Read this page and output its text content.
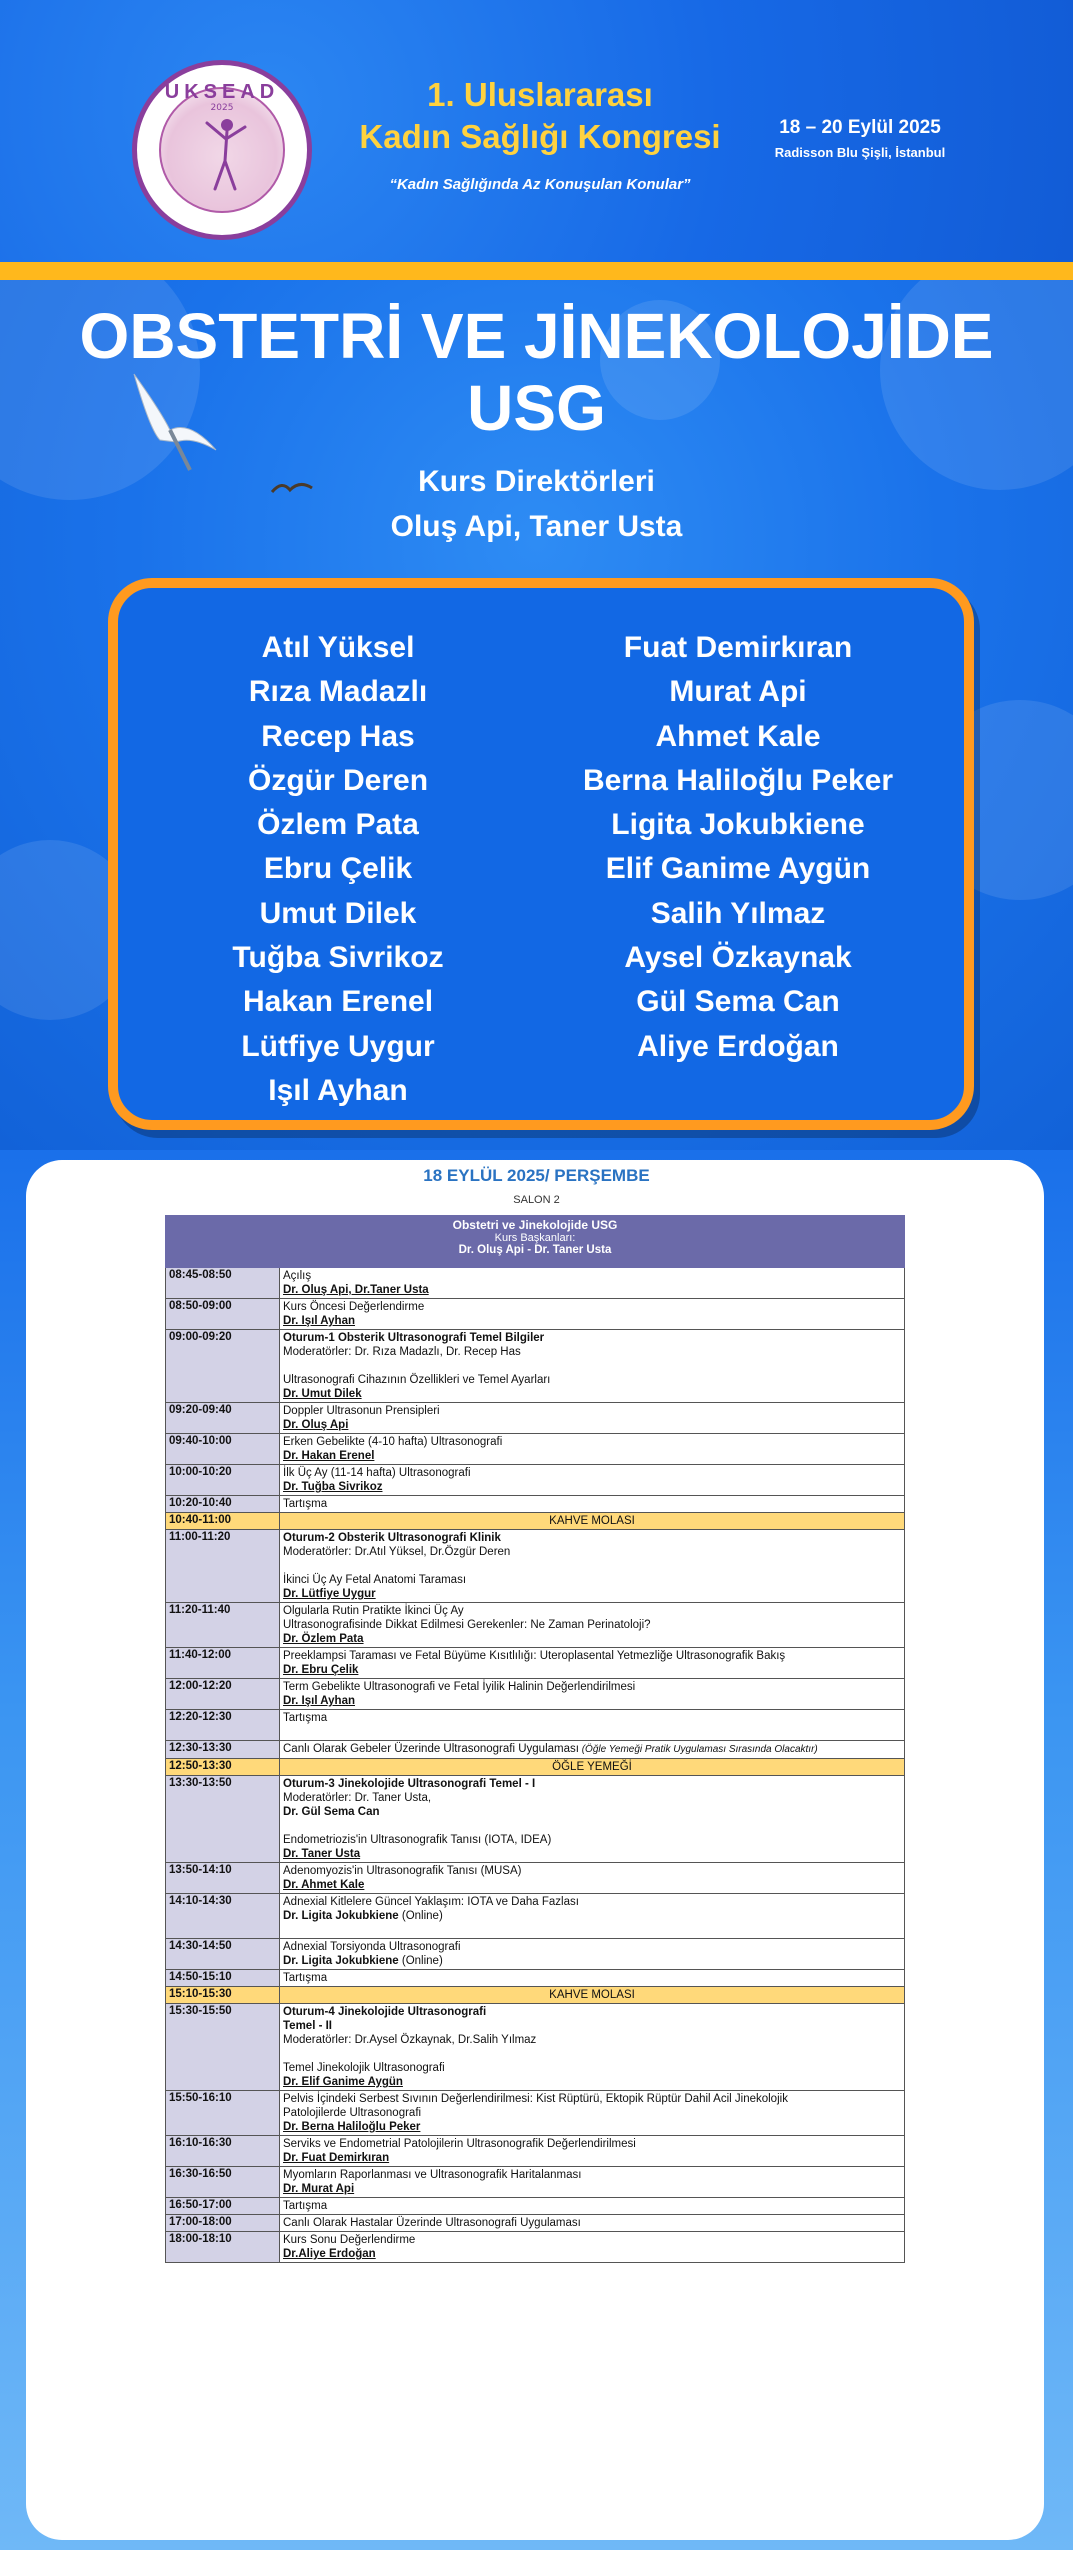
UKSEAD
2025	1. Uluslararası
Kadın Sağlığı Kongresi
“Kadın Sağlığında Az Konuşulan Konular”
18 – 20 Eylül 2025
Radisson Blu Şişli, İstanbul
OBSTETRİ VE JİNEKOLOJİDE
USG
Kurs Direktörleri
Oluş Api, Taner Usta
Atıl Yüksel
Rıza Madazlı
Recep Has
Özgür Deren
Özlem Pata
Ebru Çelik
Umut Dilek
Tuğba Sivrikoz
Hakan Erenel
Lütfiye Uygur
Işıl Ayhan
Fuat Demirkıran
Murat Api
Ahmet Kale
Berna Haliloğlu Peker
Ligita Jokubkiene
Elif Ganime Aygün
Salih Yılmaz
Aysel Özkaynak
Gül Sema Can
Aliye Erdoğan
18 EYLÜL 2025/ PERŞEMBE
SALON 2
Obstetri ve Jinekolojide USG
Kurs Başkanları:
Dr. Oluş Api - Dr. Taner Usta
08:45-08:50	Açılış
Dr. Oluş Api, Dr.Taner Usta
08:50-09:00	Kurs Öncesi Değerlendirme
Dr. Işıl Ayhan
09:00-09:20	Oturum-1 Obsterik Ultrasonografi Temel Bilgiler
Moderatörler: Dr. Rıza Madazlı, Dr. Recep Has

Ultrasonografi Cihazının Özellikleri ve Temel Ayarları
Dr. Umut Dilek
09:20-09:40	Doppler Ultrasonun Prensipleri
Dr. Oluş Api
09:40-10:00	Erken Gebelikte (4-10 hafta) Ultrasonografi
Dr. Hakan Erenel
10:00-10:20	İlk Üç Ay (11-14 hafta) Ultrasonografi
Dr. Tuğba Sivrikoz
10:20-10:40	Tartışma
10:40-11:00	KAHVE MOLASI
11:00-11:20	Oturum-2 Obsterik Ultrasonografi Klinik
Moderatörler: Dr.Atıl Yüksel, Dr.Özgür Deren

İkinci Üç Ay Fetal Anatomi Taraması
Dr. Lütfiye Uygur
11:20-11:40	Olgularla Rutin Pratikte İkinci Üç Ay
Ultrasonografisinde Dikkat Edilmesi Gerekenler: Ne Zaman Perinatoloji?
Dr. Özlem Pata
11:40-12:00	Preeklampsi Taraması ve Fetal Büyüme Kısıtlılığı: Uteroplasental Yetmezliğe Ultrasonografik Bakış
Dr. Ebru Çelik
12:00-12:20	Term Gebelikte Ultrasonografi ve Fetal İyilik Halinin Değerlendirilmesi
Dr. Işıl Ayhan
12:20-12:30	Tartışma

12:30-13:30	Canlı Olarak Gebeler Üzerinde Ultrasonografi Uygulaması (Öğle Yemeği Pratik Uygulaması Sırasında Olacaktır)
12:50-13:30	ÖĞLE YEMEĞİ
13:30-13:50	Oturum-3 Jinekolojide Ultrasonografi Temel - I
Moderatörler: Dr. Taner Usta,
Dr. Gül Sema Can

Endometriozis'in Ultrasonografik Tanısı (IOTA, IDEA)
Dr. Taner Usta
13:50-14:10	Adenomyozis'in Ultrasonografik Tanısı (MUSA)
Dr. Ahmet Kale
14:10-14:30	Adnexial Kitlelere Güncel Yaklaşım: IOTA ve Daha Fazlası
Dr. Ligita Jokubkiene (Online)

14:30-14:50	Adnexial Torsiyonda Ultrasonografi
Dr. Ligita Jokubkiene (Online)
14:50-15:10	Tartışma
15:10-15:30	KAHVE MOLASI
15:30-15:50	Oturum-4 Jinekolojide Ultrasonografi
Temel - II
Moderatörler: Dr.Aysel Özkaynak, Dr.Salih Yılmaz

Temel Jinekolojik Ultrasonografi
Dr. Elif Ganime Aygün
15:50-16:10	Pelvis İçindeki Serbest Sıvının Değerlendirilmesi: Kist Rüptürü, Ektopik Rüptür Dahil Acil Jinekolojik
Patolojilerde Ultrasonografi
Dr. Berna Haliloğlu Peker
16:10-16:30	Serviks ve Endometrial Patolojilerin Ultrasonografik Değerlendirilmesi
Dr. Fuat Demirkıran
16:30-16:50	Myomların Raporlanması ve Ultrasonografik Haritalanması
Dr. Murat Api
16:50-17:00	Tartışma
17:00-18:00	Canlı Olarak Hastalar Üzerinde Ultrasonografi Uygulaması
18:00-18:10	Kurs Sonu Değerlendirme
Dr.Aliye Erdoğan
